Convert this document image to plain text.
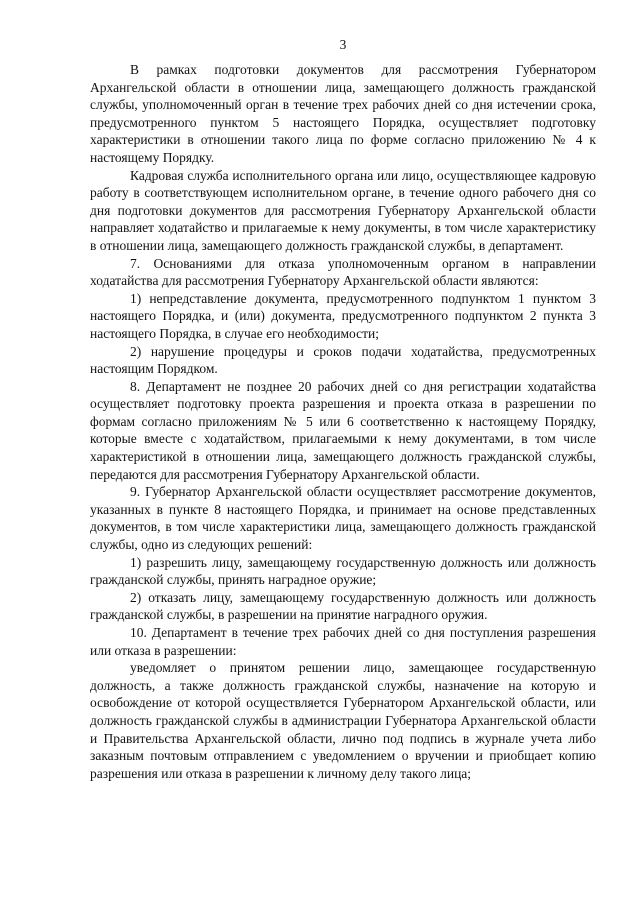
3

В рамках подготовки документов для рассмотрения Губернатором Архангельской области в отношении лица, замещающего должность гражданской службы, уполномоченный орган в течение трех рабочих дней со дня истечении срока, предусмотренного пунктом 5 настоящего Порядка, осуществляет подготовку характеристики в отношении такого лица по форме согласно приложению № 4 к настоящему Порядку.

Кадровая служба исполнительного органа или лицо, осуществляющее кадровую работу в соответствующем исполнительном органе, в течение одного рабочего дня со дня подготовки документов для рассмотрения Губернатору Архангельской области направляет ходатайство и прилагаемые к нему документы, в том числе характеристику в отношении лица, замещающего должность гражданской службы, в департамент.

7. Основаниями для отказа уполномоченным органом в направлении ходатайства для рассмотрения Губернатору Архангельской области являются:

1) непредставление документа, предусмотренного подпунктом 1 пунктом 3 настоящего Порядка, и (или) документа, предусмотренного подпунктом 2 пункта 3 настоящего Порядка, в случае его необходимости;

2) нарушение процедуры и сроков подачи ходатайства, предусмотренных настоящим Порядком.

8. Департамент не позднее 20 рабочих дней со дня регистрации ходатайства осуществляет подготовку проекта разрешения и проекта отказа в разрешении по формам согласно приложениям № 5 или 6 соответственно к настоящему Порядку, которые вместе с ходатайством, прилагаемыми к нему документами, в том числе характеристикой в отношении лица, замещающего должность гражданской службы, передаются для рассмотрения Губернатору Архангельской области.

9. Губернатор Архангельской области осуществляет рассмотрение документов, указанных в пункте 8 настоящего Порядка, и принимает на основе представленных документов, в том числе характеристики лица, замещающего должность гражданской службы, одно из следующих решений:

1) разрешить лицу, замещающему государственную должность или должность гражданской службы, принять наградное оружие;

2) отказать лицу, замещающему государственную должность или должность гражданской службы, в разрешении на принятие наградного оружия.

10. Департамент в течение трех рабочих дней со дня поступления разрешения или отказа в разрешении:

уведомляет о принятом решении лицо, замещающее государственную должность, а также должность гражданской службы, назначение на которую и освобождение от которой осуществляется Губернатором Архангельской области, или должность гражданской службы в администрации Губернатора Архангельской области и Правительства Архангельской области, лично под подпись в журнале учета либо заказным почтовым отправлением с уведомлением о вручении и приобщает копию разрешения или отказа в разрешении к личному делу такого лица;
